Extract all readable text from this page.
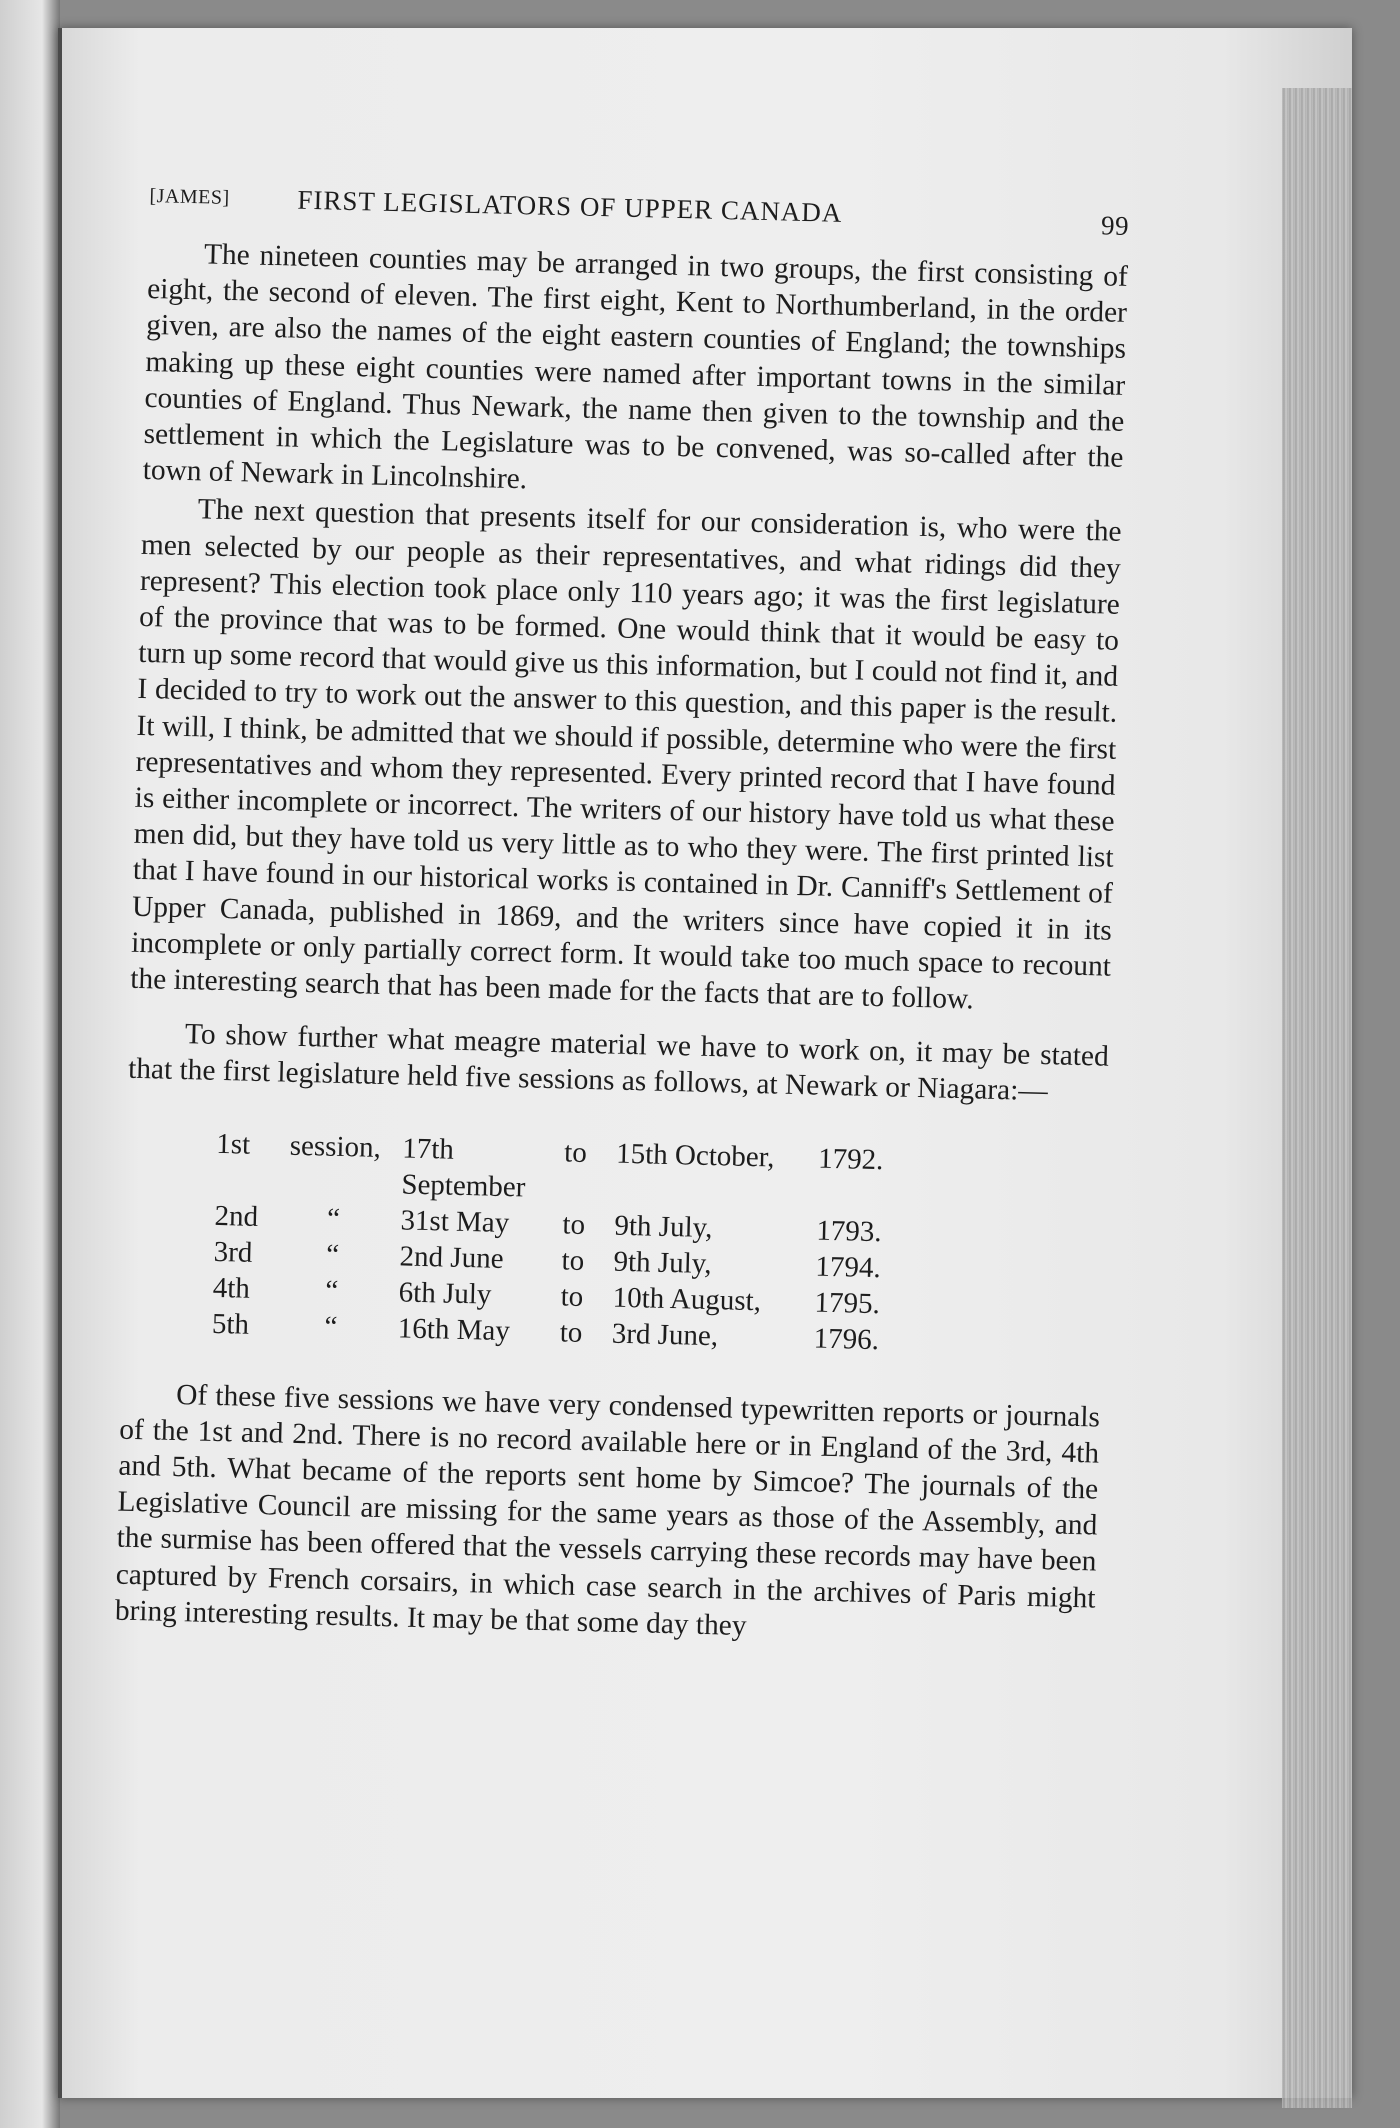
[JAMES] FIRST LEGISLATORS OF UPPER CANADA	99

The nineteen counties may be arranged in two groups, the first consisting of eight, the second of eleven. The first eight, Kent to Northumberland, in the order given, are also the names of the eight eastern counties of England; the townships making up these eight counties were named after important towns in the similar counties of England. Thus Newark, the name then given to the township and the settlement in which the Legislature was to be convened, was so-called after the town of Newark in Lincolnshire.

The next question that presents itself for our consideration is, who were the men selected by our people as their representatives, and what ridings did they represent? This election took place only 110 years ago; it was the first legislature of the province that was to be formed. One would think that it would be easy to turn up some record that would give us this information, but I could not find it, and I decided to try to work out the answer to this question, and this paper is the result. It will, I think, be admitted that we should if possible, determine who were the first representatives and whom they represented. Every printed record that I have found is either incomplete or incorrect. The writers of our history have told us what these men did, but they have told us very little as to who they were. The first printed list that I have found in our historical works is contained in Dr. Canniff's Settlement of Upper Canada, published in 1869, and the writers since have copied it in its incomplete or only partially correct form. It would take too much space to recount the interesting search that has been made for the facts that are to follow.

To show further what meagre material we have to work on, it may be stated that the first legislature held five sessions as follows, at Newark or Niagara:—

1st	session,	17th September	to	15th October,	1792.
2nd	“	31st May	to	9th July,	1793.
3rd	“	2nd June	to	9th July,	1794.
4th	“	6th July	to	10th August,	1795.
5th	“	16th May	to	3rd June,	1796.

Of these five sessions we have very condensed typewritten reports or journals of the 1st and 2nd. There is no record available here or in England of the 3rd, 4th and 5th. What became of the reports sent home by Simcoe? The journals of the Legislative Council are missing for the same years as those of the Assembly, and the surmise has been offered that the vessels carrying these records may have been captured by French corsairs, in which case search in the archives of Paris might bring interesting results. It may be that some day they
